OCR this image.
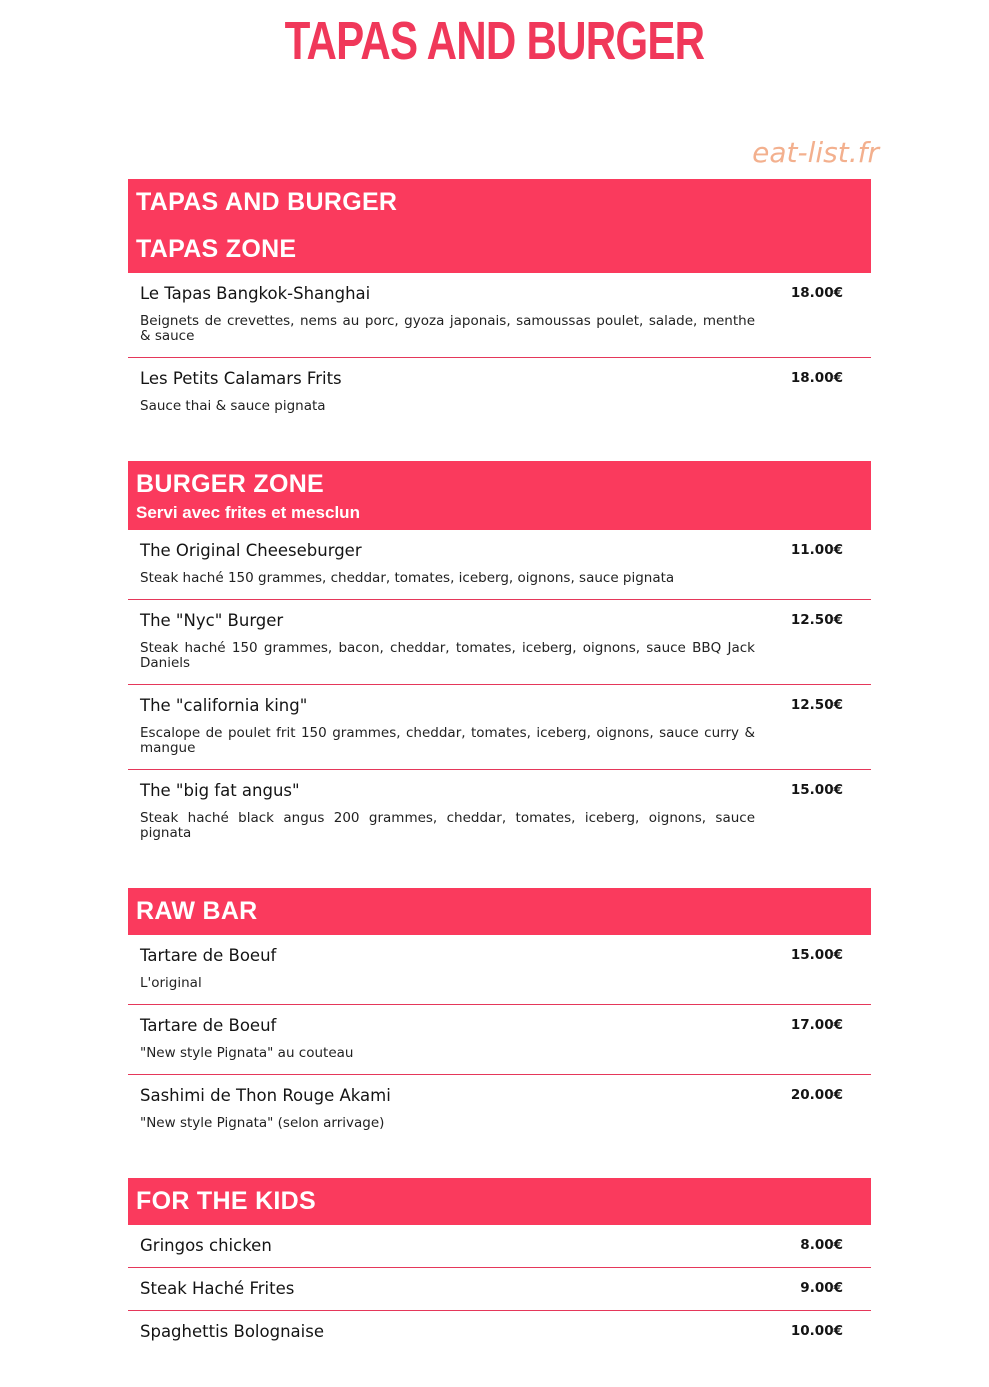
TAPAS AND BURGER
eat-list.fr
TAPAS AND BURGER
TAPAS ZONE
Le Tapas Bangkok-Shanghai
Beignets de crevettes, nems au porc, gyoza japonais, samoussas poulet, salade, menthe & sauce
18.00€
Les Petits Calamars Frits
Sauce thai & sauce pignata
18.00€
BURGER ZONE
Servi avec frites et mesclun
The Original Cheeseburger
Steak haché 150 grammes, cheddar, tomates, iceberg, oignons, sauce pignata
11.00€
The "Nyc" Burger
Steak haché 150 grammes, bacon, cheddar, tomates, iceberg, oignons, sauce BBQ Jack Daniels
12.50€
The "california king"
Escalope de poulet frit 150 grammes, cheddar, tomates, iceberg, oignons, sauce curry & mangue
12.50€
The "big fat angus"
Steak haché black angus 200 grammes, cheddar, tomates, iceberg, oignons, sauce pignata
15.00€
RAW BAR
Tartare de Boeuf
L'original
15.00€
Tartare de Boeuf
"New style Pignata" au couteau
17.00€
Sashimi de Thon Rouge Akami
"New style Pignata" (selon arrivage)
20.00€
FOR THE KIDS
Gringos chicken	8.00€
Steak Haché Frites	9.00€
Spaghettis Bolognaise	10.00€
